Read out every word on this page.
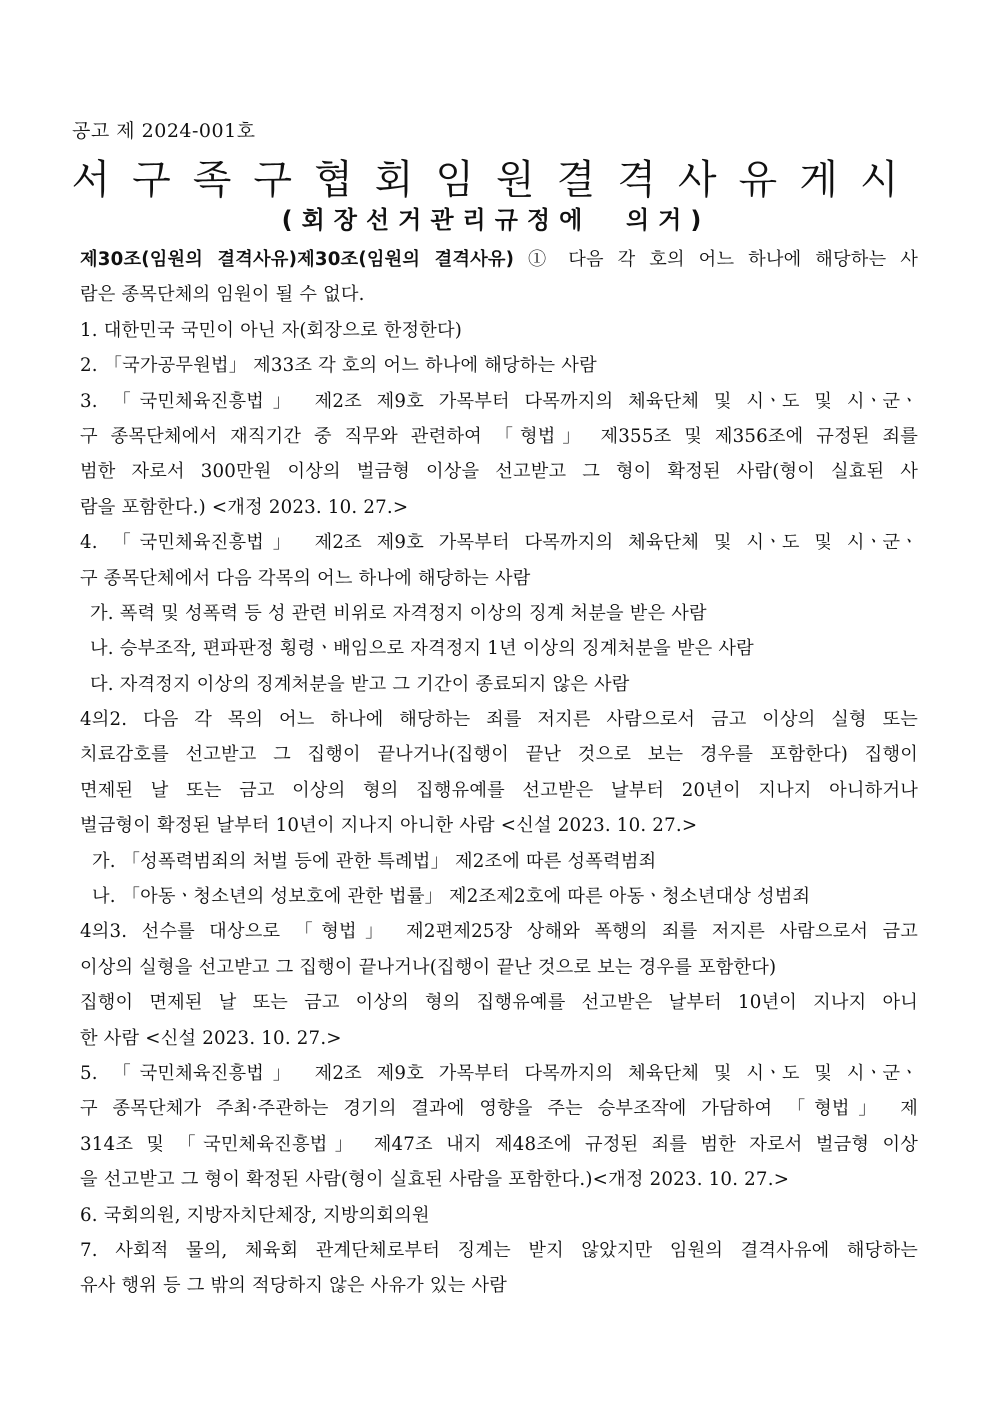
공고 제 2024-001호
서구족구협회임원결격사유게시
(회장선거관리규정에  의거)
제30조(임원의 결격사유)제30조(임원의 결격사유) ① 다음 각 호의 어느 하나에 해당하는 사
람은 종목단체의 임원이 될 수 없다.
1. 대한민국 국민이 아닌 자(회장으로 한정한다)
2. 「국가공무원법」 제33조 각 호의 어느 하나에 해당하는 사람
3. 「국민체육진흥법」 제2조 제9호 가목부터 다목까지의 체육단체 및 시ㆍ도 및 시ㆍ군ㆍ
구 종목단체에서 재직기간 중 직무와 관련하여 「형법」 제355조 및 제356조에 규정된 죄를
범한 자로서 300만원 이상의 벌금형 이상을 선고받고 그 형이 확정된 사람(형이 실효된 사
람을 포함한다.) <개정 2023. 10. 27.>
4. 「국민체육진흥법」 제2조 제9호 가목부터 다목까지의 체육단체 및 시ㆍ도 및 시ㆍ군ㆍ
구 종목단체에서 다음 각목의 어느 하나에 해당하는 사람
가. 폭력 및 성폭력 등 성 관련 비위로 자격정지 이상의 징계 처분을 받은 사람
나. 승부조작, 편파판정 횡령ㆍ배임으로 자격정지 1년 이상의 징계처분을 받은 사람
다. 자격정지 이상의 징계처분을 받고 그 기간이 종료되지 않은 사람
4의2. 다음 각 목의 어느 하나에 해당하는 죄를 저지른 사람으로서 금고 이상의 실형 또는
치료감호를 선고받고 그 집행이 끝나거나(집행이 끝난 것으로 보는 경우를 포함한다) 집행이
면제된 날 또는 금고 이상의 형의 집행유예를 선고받은 날부터 20년이 지나지 아니하거나
벌금형이 확정된 날부터 10년이 지나지 아니한 사람 <신설 2023. 10. 27.>
가. 「성폭력범죄의 처벌 등에 관한 특례법」 제2조에 따른 성폭력범죄
나. 「아동ㆍ청소년의 성보호에 관한 법률」 제2조제2호에 따른 아동ㆍ청소년대상 성범죄
4의3. 선수를 대상으로 「형법」 제2편제25장 상해와 폭행의 죄를 저지른 사람으로서 금고
이상의 실형을 선고받고 그 집행이 끝나거나(집행이 끝난 것으로 보는 경우를 포함한다)
집행이 면제된 날 또는 금고 이상의 형의 집행유예를 선고받은 날부터 10년이 지나지 아니
한 사람 <신설 2023. 10. 27.>
5. 「국민체육진흥법」 제2조 제9호 가목부터 다목까지의 체육단체 및 시ㆍ도 및 시ㆍ군ㆍ
구 종목단체가 주최·주관하는 경기의 결과에 영향을 주는 승부조작에 가담하여 「형법」 제
314조 및 「국민체육진흥법」 제47조 내지 제48조에 규정된 죄를 범한 자로서 벌금형 이상
을 선고받고 그 형이 확정된 사람(형이 실효된 사람을 포함한다.)<개정 2023. 10. 27.>
6. 국회의원, 지방자치단체장, 지방의회의원
7. 사회적 물의, 체육회 관계단체로부터 징계는 받지 않았지만 임원의 결격사유에 해당하는
유사 행위 등 그 밖의 적당하지 않은 사유가 있는 사람
